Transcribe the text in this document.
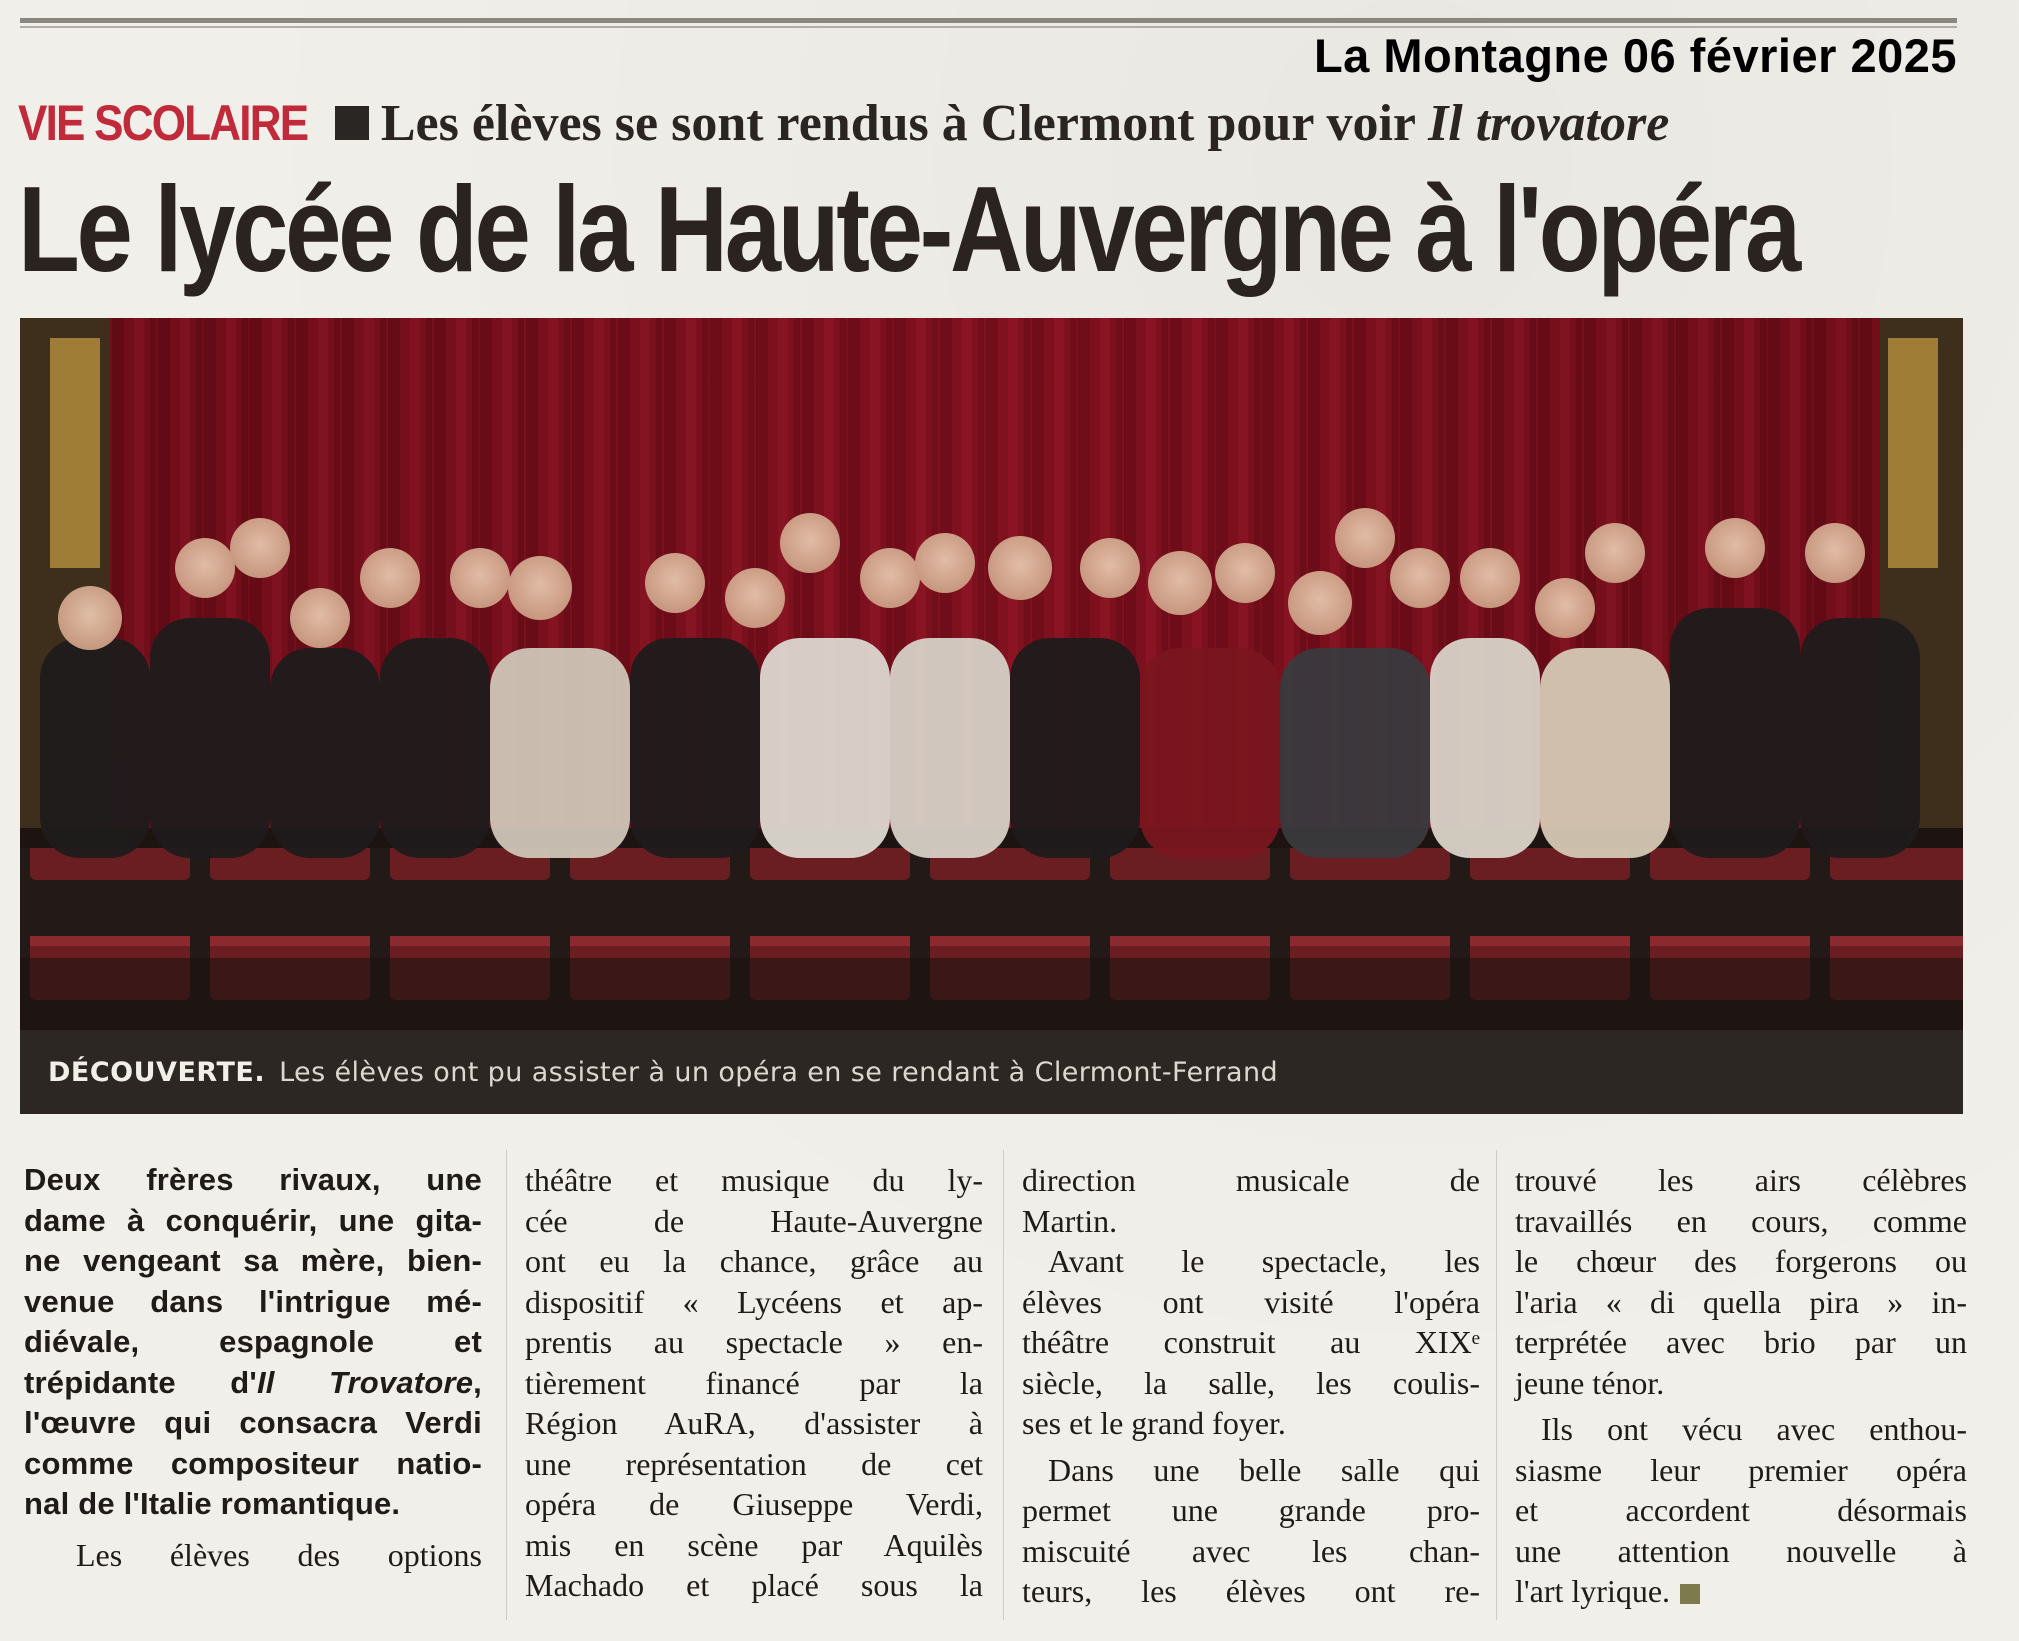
La Montagne 06 février 2025
VIE SCOLAIRE Les élèves se sont rendus à Clermont pour voir Il trovatore
Le lycée de la Haute-Auvergne à l'opéra
DÉCOUVERTE. Les élèves ont pu assister à un opéra en se rendant à Clermont-Ferrand
Deux frères rivaux, une
dame à conquérir, une gita-
ne vengeant sa mère, bien-
venue dans l'intrigue mé-
diévale, espagnole et
trépidante d'Il Trovatore,
l'œuvre qui consacra Verdi
comme compositeur natio-
nal de l'Italie romantique.
Les élèves des options
théâtre et musique du ly-
cée de Haute-Auvergne
ont eu la chance, grâce au
dispositif « Lycéens et ap-
prentis au spectacle » en-
tièrement financé par la
Région AuRA, d'assister à
une représentation de cet
opéra de Giuseppe Verdi,
mis en scène par Aquilès
Machado et placé sous la
direction musicale de
Martin.
Avant le spectacle, les
élèves ont visité l'opéra
théâtre construit au XIXᵉ
siècle, la salle, les coulis-
ses et le grand foyer.
Dans une belle salle qui
permet une grande pro-
miscuité avec les chan-
teurs, les élèves ont re-
trouvé les airs célèbres
travaillés en cours, comme
le chœur des forgerons ou
l'aria « di quella pira » in-
terprétée avec brio par un
jeune ténor.
Ils ont vécu avec enthou-
siasme leur premier opéra
et accordent désormais
une attention nouvelle à
l'art lyrique.
